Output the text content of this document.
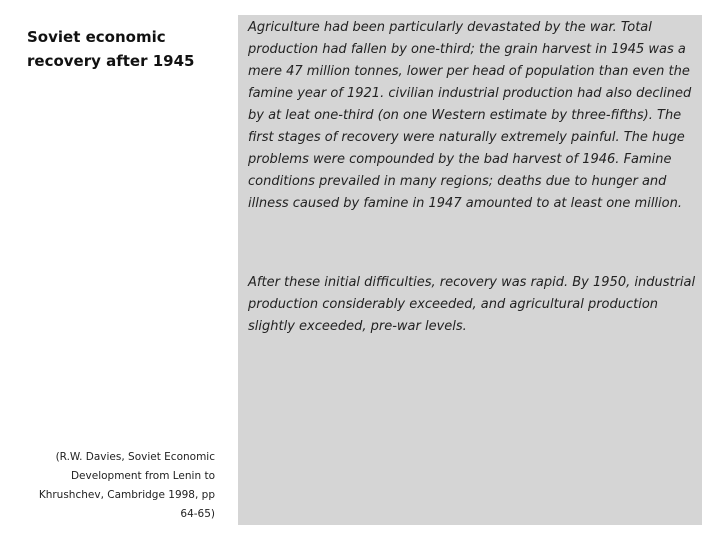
Soviet economic recovery after 1945

(R.W. Davies, Soviet Economic Development from Lenin to Khrushchev, Cambridge 1998, pp 64-65)

Agriculture had been particularly devastated by the war. Total production had fallen by one-third; the grain harvest in 1945 was a mere 47 million tonnes, lower per head of population than even the famine year of 1921. civilian industrial production had also declined by at leat one-third (on one Western estimate by three-fifths). The first stages of recovery were naturally extremely painful. The huge problems were compounded by the bad harvest of 1946. Famine conditions prevailed in many regions; deaths due to hunger and illness caused by famine in 1947 amounted to at least one million.

After these initial difficulties, recovery was rapid. By 1950, industrial production considerably exceeded, and agricultural production slightly exceeded, pre-war levels.
